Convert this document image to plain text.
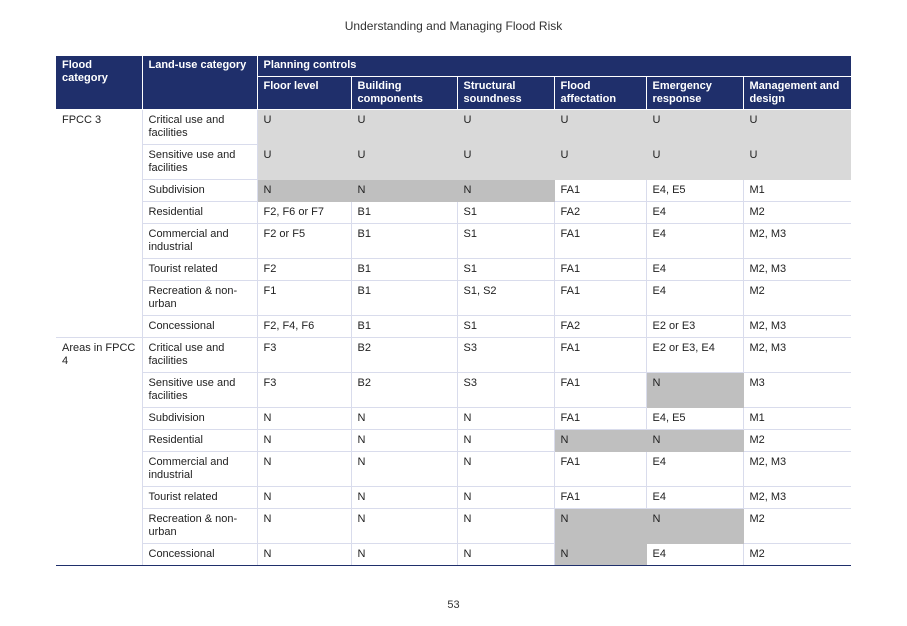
Understanding and Managing Flood Risk
Flood category	Land-use category	Planning controls					
		Floor level	Building components	Structural soundness	Flood affectation	Emergency response	Management and design
FPCC 3	Critical use and facilities	U	U	U	U	U	U
	Sensitive use and facilities	U	U	U	U	U	U
	Subdivision	N	N	N	FA1	E4, E5	M1
	Residential	F2, F6 or F7	B1	S1	FA2	E4	M2
	Commercial and industrial	F2 or F5	B1	S1	FA1	E4	M2, M3
	Tourist related	F2	B1	S1	FA1	E4	M2, M3
	Recreation & non-urban	F1	B1	S1, S2	FA1	E4	M2
	Concessional	F2, F4, F6	B1	S1	FA2	E2 or E3	M2, M3
Areas in FPCC 4	Critical use and facilities	F3	B2	S3	FA1	E2 or E3, E4	M2, M3
	Sensitive use and facilities	F3	B2	S3	FA1	N	M3
	Subdivision	N	N	N	FA1	E4, E5	M1
	Residential	N	N	N	N	N	M2
	Commercial and industrial	N	N	N	FA1	E4	M2, M3
	Tourist related	N	N	N	FA1	E4	M2, M3
	Recreation & non-urban	N	N	N	N	N	M2
	Concessional	N	N	N	N	E4	M2
53
